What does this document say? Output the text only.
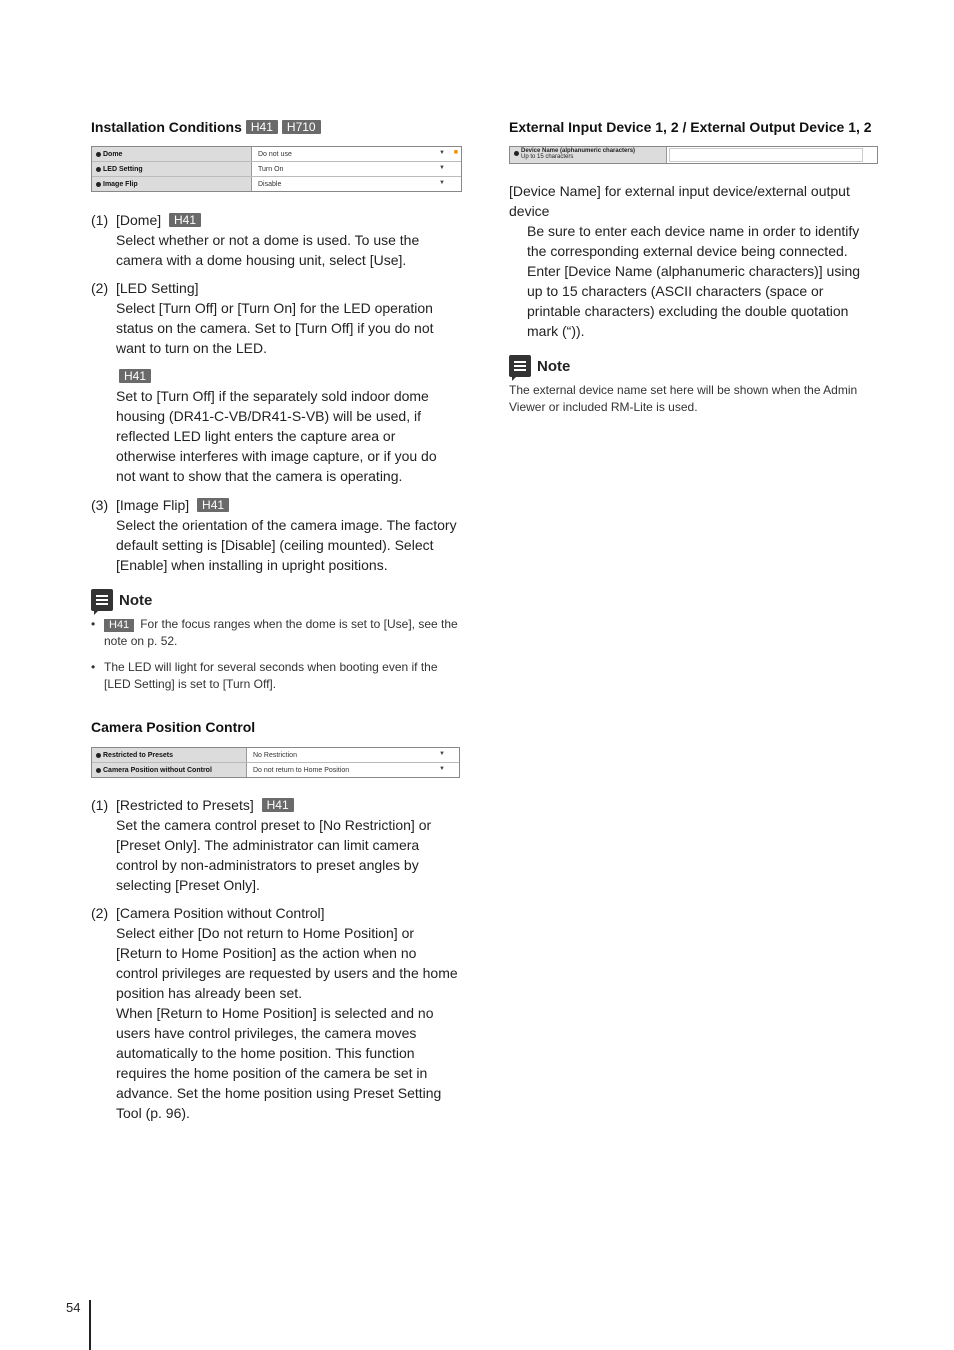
Installation Conditions H41 H710
Dome	Do not use	▼ ■
LED Setting	Turn On	▼
Image Flip	Disable	▼
(1) [Dome] H41

Select whether or not a dome is used. To use the camera with a dome housing unit, select [Use].

(2) [LED Setting]

Select [Turn Off] or [Turn On] for the LED operation status on the camera. Set to [Turn Off] if you do not want to turn on the LED.

H41

Set to [Turn Off] if the separately sold indoor dome housing (DR41-C-VB/DR41-S-VB) will be used, if reflected LED light enters the capture area or otherwise interferes with image capture, or if you do not want to show that the camera is operating.

(3) [Image Flip] H41

Select the orientation of the camera image. The factory default setting is [Disable] (ceiling mounted). Select [Enable] when installing in upright positions.

Note
• H41 For the focus ranges when the dome is set to [Use], see the note on p. 52.
• The LED will light for several seconds when booting even if the [LED Setting] is set to [Turn Off].
Camera Position Control
Restricted to Presets	No Restriction	▼
Camera Position without Control	Do not return to Home Position	▼
(1) [Restricted to Presets] H41

Set the camera control preset to [No Restriction] or [Preset Only]. The administrator can limit camera control by non-administrators to preset angles by selecting [Preset Only].

(2) [Camera Position without Control]

Select either [Do not return to Home Position] or [Return to Home Position] as the action when no control privileges are requested by users and the home position has already been set.

When [Return to Home Position] is selected and no users have control privileges, the camera moves automatically to the home position. This function requires the home position of the camera be set in advance. Set the home position using Preset Setting Tool (p. 96).

External Input Device 1, 2 / External Output Device 1, 2
Device Name (alphanumeric characters)
Up to 15 characters
[Device Name] for external input device/external output device

Be sure to enter each device name in order to identify the corresponding external device being connected. Enter [Device Name (alphanumeric characters)] using up to 15 characters (ASCII characters (space or printable characters) excluding the double quotation mark (“)).

Note
The external device name set here will be shown when the Admin Viewer or included RM-Lite is used.
54
